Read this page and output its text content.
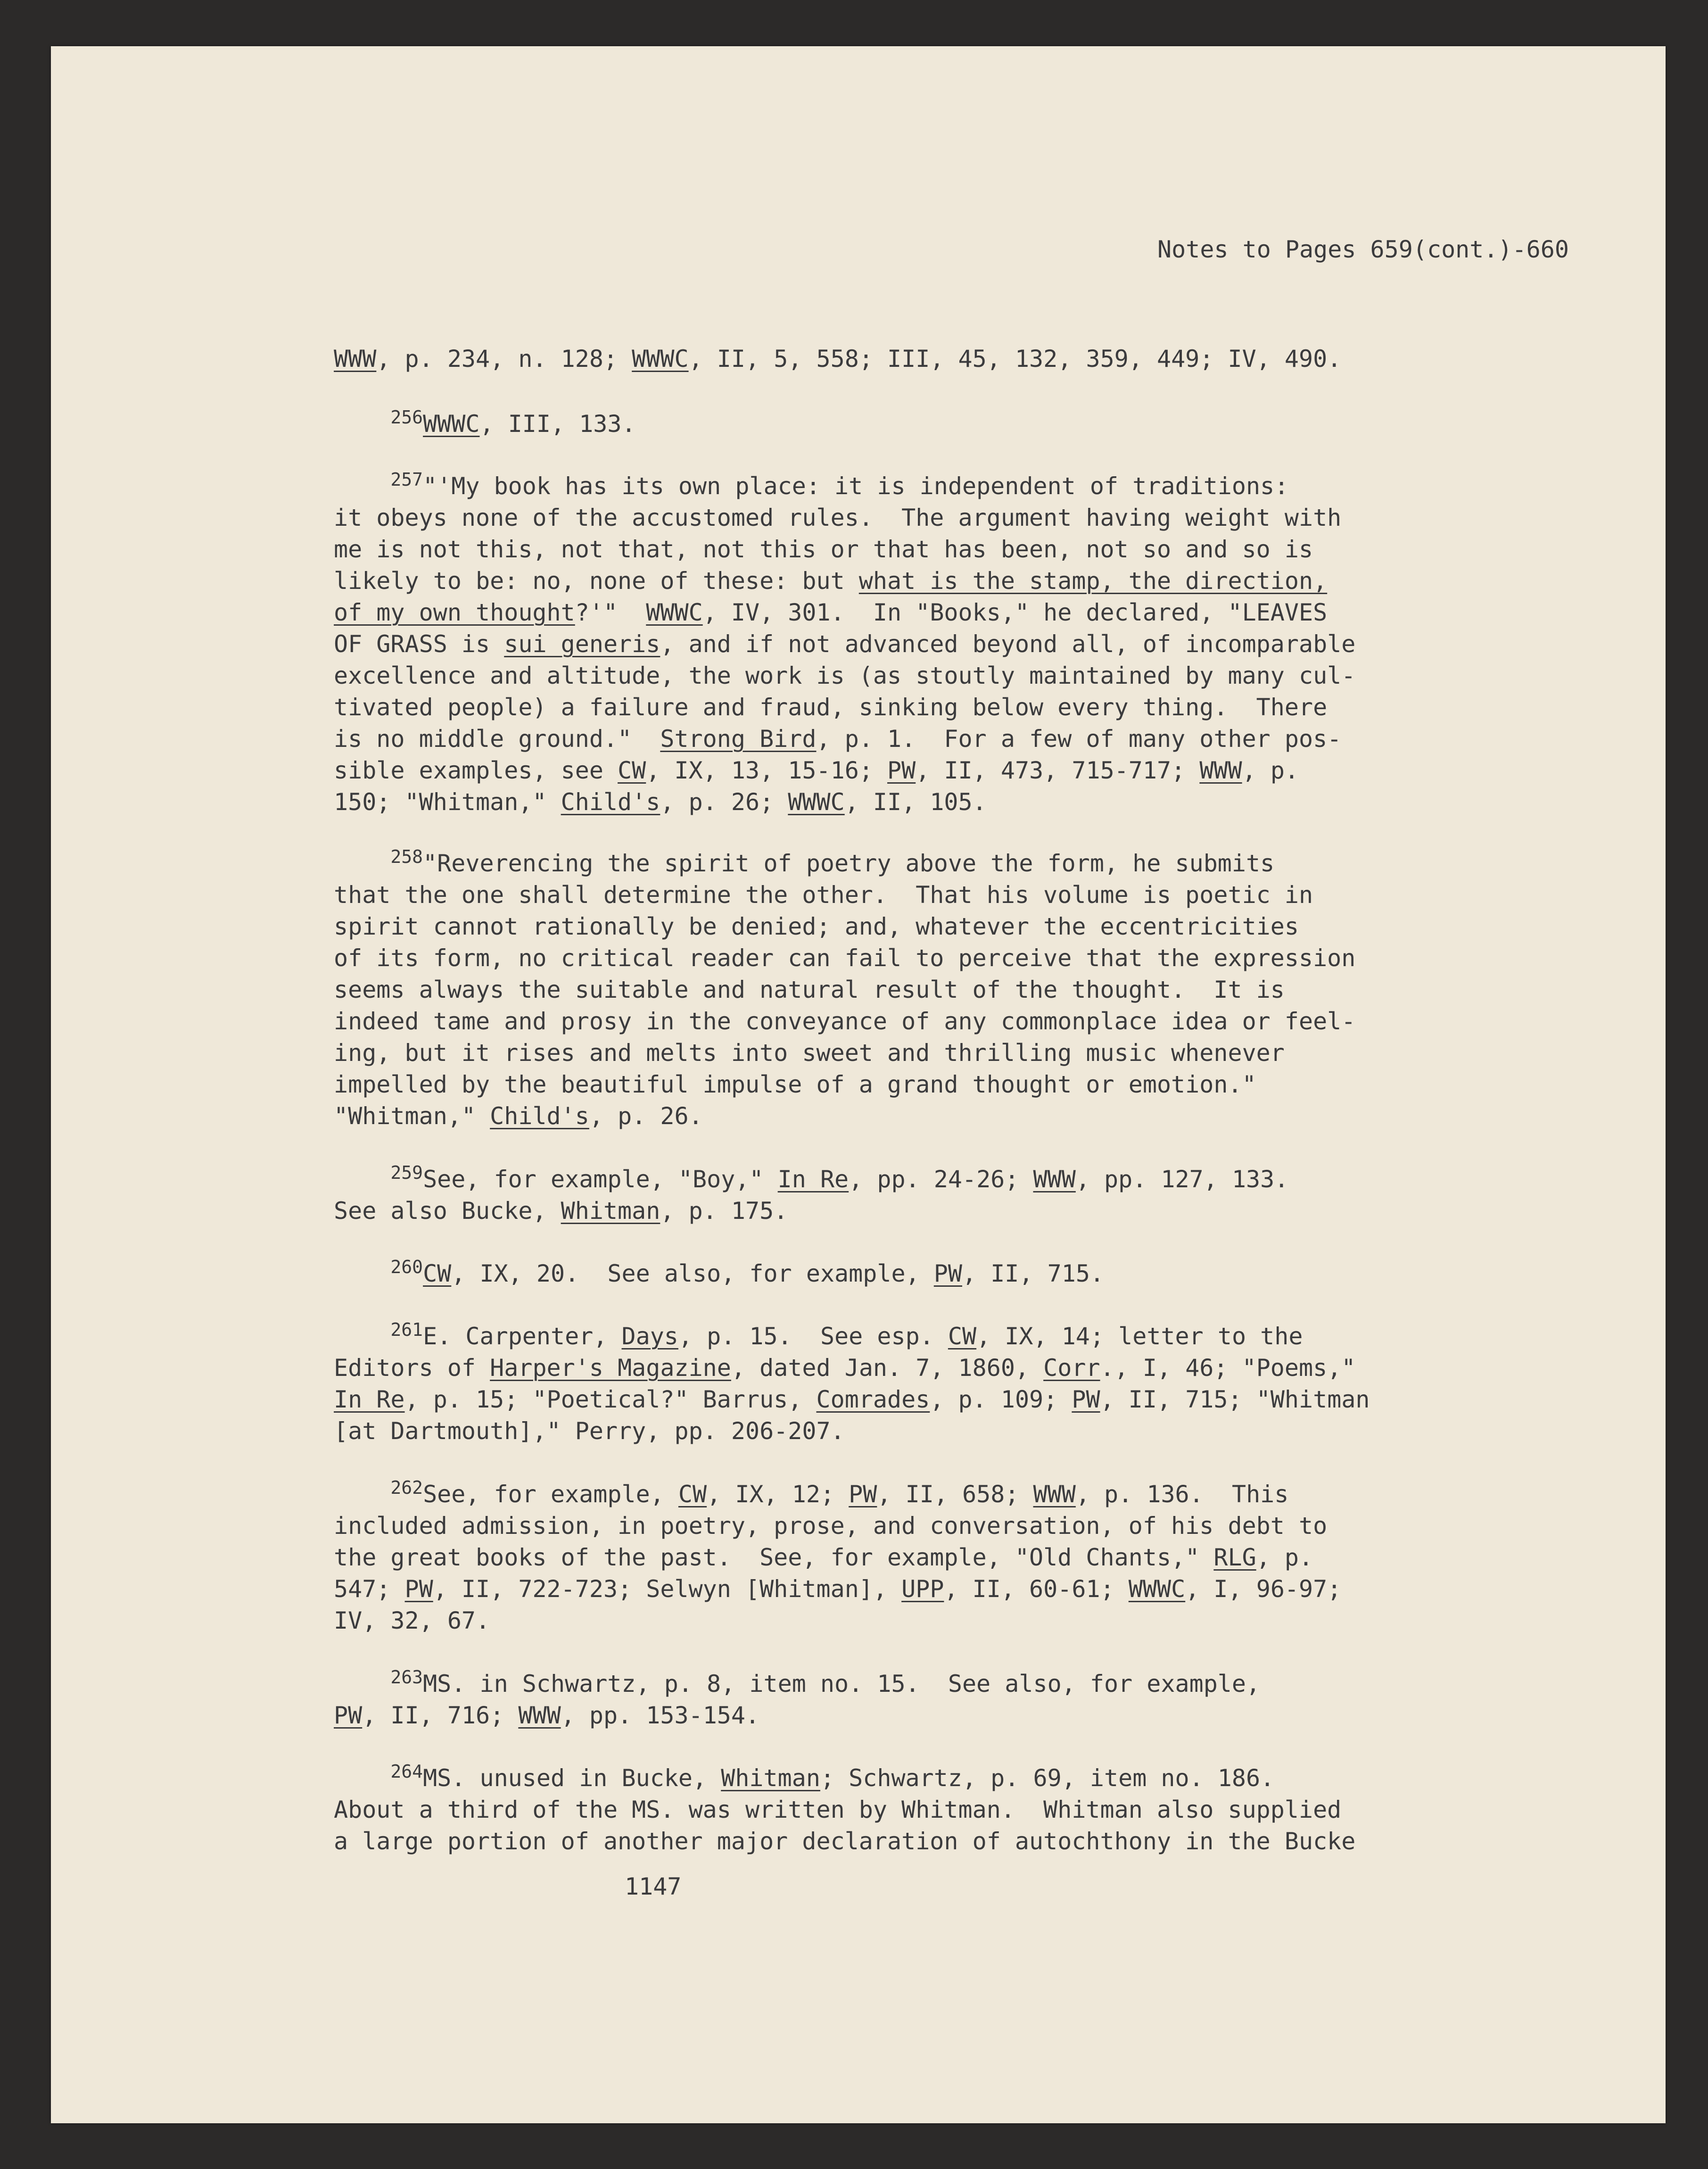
Notes to Pages 659(cont.)-660

WWW, p. 234, n. 128; WWWC, II, 5, 558; III, 45, 132, 359, 449; IV, 490.
$^{256}$WWWC, III, 133.
$^{257}$"'My book has its own place: it is independent of traditions:
it obeys none of the accustomed rules.  The argument having weight with
me is not this, not that, not this or that has been, not so and so is
likely to be: no, none of these: but what is the stamp, the direction,
of my own thought?'"  WWWC, IV, 301.  In "Books," he declared, "LEAVES
OF GRASS is sui generis, and if not advanced beyond all, of incomparable
excellence and altitude, the work is (as stoutly maintained by many cul-
tivated people) a failure and fraud, sinking below every thing.  There
is no middle ground."  Strong Bird, p. 1.  For a few of many other pos-
sible examples, see CW, IX, 13, 15-16; PW, II, 473, 715-717; WWW, p.
150; "Whitman," Child's, p. 26; WWWC, II, 105.
$^{258}$"Reverencing the spirit of poetry above the form, he submits
that the one shall determine the other.  That his volume is poetic in
spirit cannot rationally be denied; and, whatever the eccentricities
of its form, no critical reader can fail to perceive that the expression
seems always the suitable and natural result of the thought.  It is
indeed tame and prosy in the conveyance of any commonplace idea or feel-
ing, but it rises and melts into sweet and thrilling music whenever
impelled by the beautiful impulse of a grand thought or emotion."
"Whitman," Child's, p. 26.
$^{259}$See, for example, "Boy," In Re, pp. 24-26; WWW, pp. 127, 133.
See also Bucke, Whitman, p. 175.
$^{260}$CW, IX, 20.  See also, for example, PW, II, 715.
$^{261}$E. Carpenter, Days, p. 15.  See esp. CW, IX, 14; letter to the
Editors of Harper's Magazine, dated Jan. 7, 1860, Corr., I, 46; "Poems,"
In Re, p. 15; "Poetical?" Barrus, Comrades, p. 109; PW, II, 715; "Whitman
[at Dartmouth]," Perry, pp. 206-207.
$^{262}$See, for example, CW, IX, 12; PW, II, 658; WWW, p. 136.  This
included admission, in poetry, prose, and conversation, of his debt to
the great books of the past.  See, for example, "Old Chants," RLG, p.
547; PW, II, 722-723; Selwyn [Whitman], UPP, II, 60-61; WWWC, I, 96-97;
IV, 32, 67.
$^{263}$MS. in Schwartz, p. 8, item no. 15.  See also, for example,
PW, II, 716; WWW, pp. 153-154.
$^{264}$MS. unused in Bucke, Whitman; Schwartz, p. 69, item no. 186.
About a third of the MS. was written by Whitman.  Whitman also supplied
a large portion of another major declaration of autochthony in the Bucke
1147
